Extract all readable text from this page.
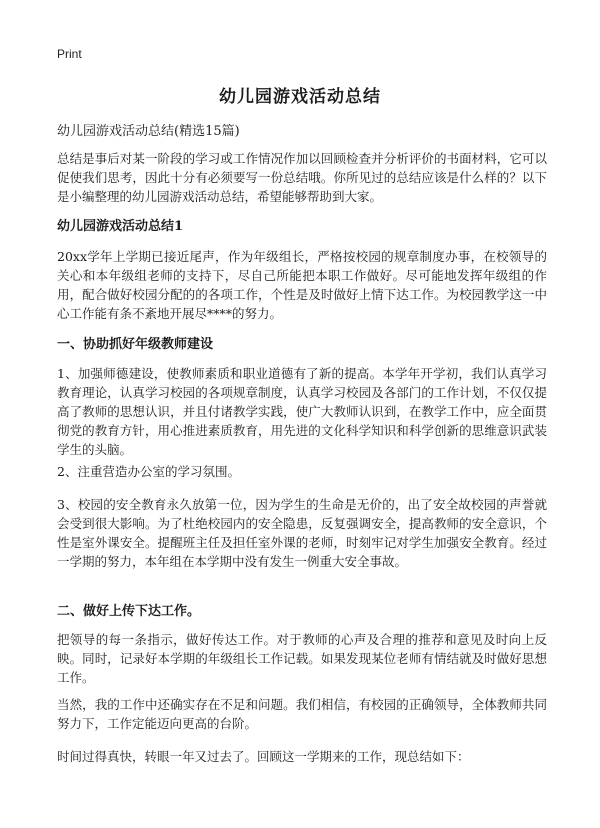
Print
幼儿园游戏活动总结
幼儿园游戏活动总结(精选15篇)
总结是事后对某一阶段的学习或工作情况作加以回顾检查并分析评价的书面材料，它可以促使我们思考，因此十分有必须要写一份总结哦。你所见过的总结应该是什么样的？以下是小编整理的幼儿园游戏活动总结，希望能够帮助到大家。
幼儿园游戏活动总结1
20xx学年上学期已接近尾声，作为年级组长，严格按校园的规章制度办事，在校领导的关心和本年级组老师的支持下，尽自己所能把本职工作做好。尽可能地发挥年级组的作用，配合做好校园分配的的各项工作，个性是及时做好上情下达工作。为校园教学这一中心工作能有条不紊地开展尽****的努力。
一、协助抓好年级教师建设
1、加强师德建设，使教师素质和职业道德有了新的提高。本学年开学初，我们认真学习教育理论，认真学习校园的各项规章制度，认真学习校园及各部门的工作计划，不仅仅提高了教师的思想认识，并且付诸教学实践，使广大教师认识到，在教学工作中，应全面贯彻党的教育方针，用心推进素质教育，用先进的文化科学知识和科学创新的思维意识武装学生的头脑。
2、注重营造办公室的学习氛围。
3、校园的安全教育永久放第一位，因为学生的生命是无价的，出了安全故校园的声誉就会受到很大影响。为了杜绝校园内的安全隐患，反复强调安全，提高教师的安全意识，个性是室外课安全。提醒班主任及担任室外课的老师，时刻牢记对学生加强安全教育。经过一学期的努力，本年组在本学期中没有发生一例重大安全事故。
二、做好上传下达工作。
把领导的每一条指示，做好传达工作。对于教师的心声及合理的推荐和意见及时向上反映。同时，记录好本学期的年级组长工作记载。如果发现某位老师有情结就及时做好思想工作。
当然，我的工作中还确实存在不足和问题。我们相信，有校园的正确领导，全体教师共同努力下，工作定能迈向更高的台阶。
时间过得真快，转眼一年又过去了。回顾这一学期来的工作，现总结如下：
